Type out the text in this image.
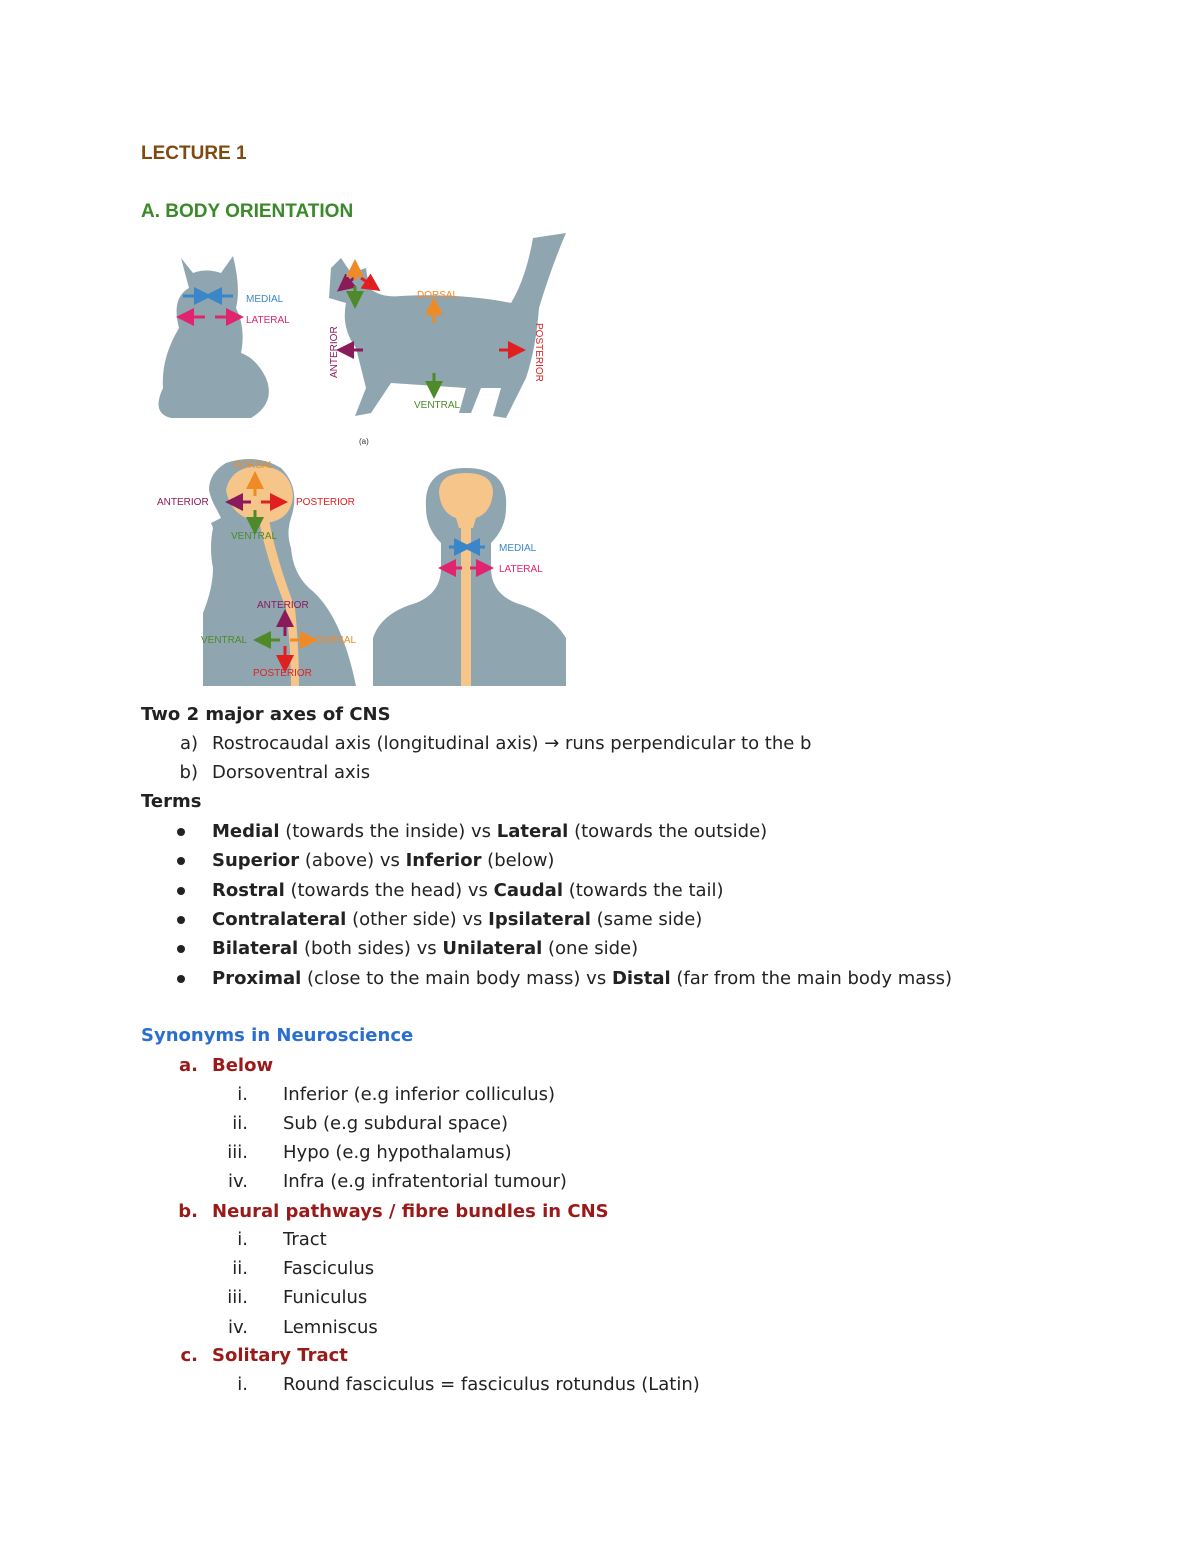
LECTURE 1
A. BODY ORIENTATION
MEDIAL
LATERAL
DORSAL
VENTRAL
ANTERIOR	POSTERIOR
(a)
DORSAL
ANTERIOR	POSTERIOR
VENTRAL
ANTERIOR
VENTRAL	DORSAL
POSTERIOR
MEDIAL
LATERAL
Two 2 major axes of CNS
a) Rostrocaudal axis (longitudinal axis) → runs perpendicular to the b
b) Dorsoventral axis
Terms
Medial (towards the inside) vs Lateral (towards the outside)
Superior (above) vs Inferior (below)
Rostral (towards the head) vs Caudal (towards the tail)
Contralateral (other side) vs Ipsilateral (same side)
Bilateral (both sides) vs Unilateral (one side)
Proximal (close to the main body mass) vs Distal (far from the main body mass)
Synonyms in Neuroscience
a. Below
i. Inferior (e.g inferior colliculus)
ii. Sub (e.g subdural space)
iii. Hypo (e.g hypothalamus)
iv. Infra (e.g infratentorial tumour)
b. Neural pathways / fibre bundles in CNS
i. Tract
ii. Fasciculus
iii. Funiculus
iv. Lemniscus
c. Solitary Tract
i. Round fasciculus = fasciculus rotundus (Latin)
